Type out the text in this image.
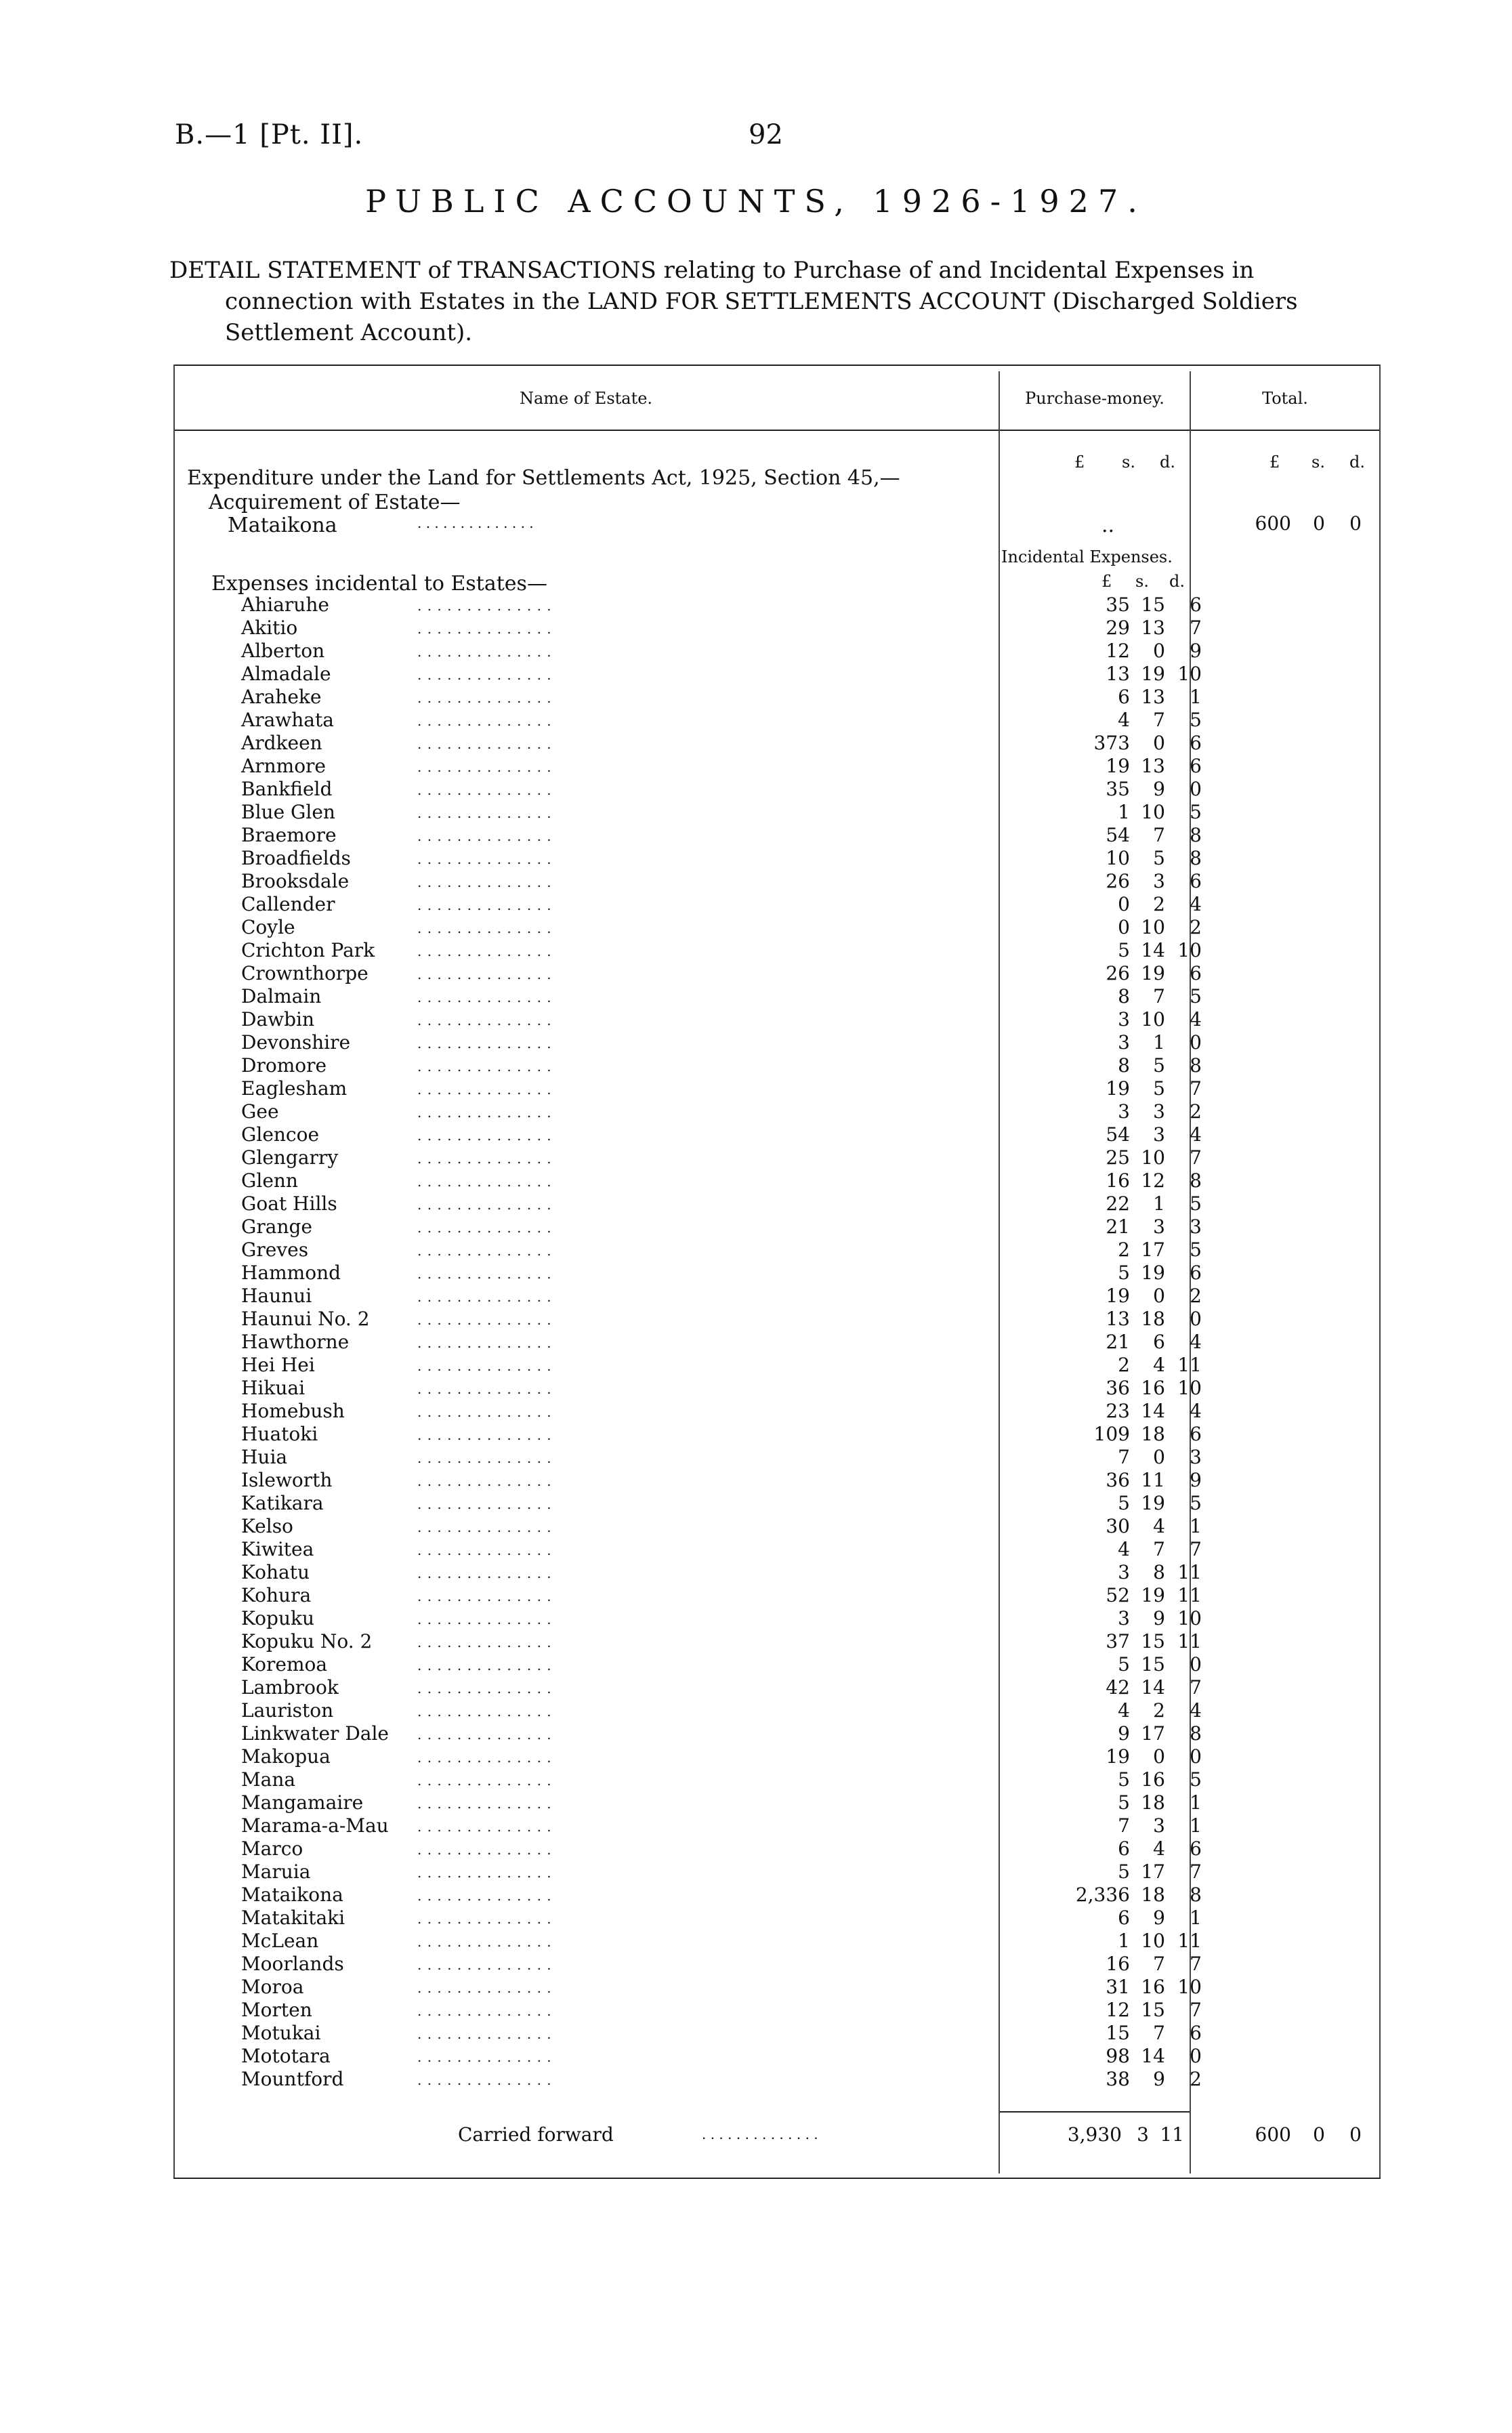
B.—1 [Pt. II].	92
PUBLIC ACCOUNTS, 1926-1927.
DETAIL STATEMENT of TRANSACTIONS relating to Purchase of and Incidental Expenses in
connection with Estates in the LAND FOR SETTLEMENTS ACCOUNT (Discharged Soldiers
Settlement Account).
Name of Estate.	Purchase-money.	Total.
£ s. d.	£ s. d.
Expenditure under the Land for Settlements Act, 1925, Section 45,—
Acquirement of Estate—
Mataikona	. . . . . . . . . . . . . .	..	600	0	0
Incidental Expenses.
Expenses incidental to Estates—	£ s. d.
Ahiaruhe	. . . . . . . . . . . . . .	35 15	6
Akitio	. . . . . . . . . . . . . .	29 13	7
Alberton	. . . . . . . . . . . . . .	12	0	9
Almadale	. . . . . . . . . . . . . .	13 19 10
Araheke	. . . . . . . . . . . . . .	6 13	1
Arawhata	. . . . . . . . . . . . . .	4	7	5
Ardkeen	. . . . . . . . . . . . . .	373	0	6
Arnmore	. . . . . . . . . . . . . .	19 13	6
Bankfield	. . . . . . . . . . . . . .	35	9	0
Blue Glen	. . . . . . . . . . . . . .	1 10	5
Braemore	. . . . . . . . . . . . . .	54	7	8
Broadfields	. . . . . . . . . . . . . .	10	5	8
Brooksdale	. . . . . . . . . . . . . .	26	3	6
Callender	. . . . . . . . . . . . . .	0	2	4
Coyle	. . . . . . . . . . . . . .	0 10	2
Crichton Park	. . . . . . . . . . . . . .	5 14 10
Crownthorpe	. . . . . . . . . . . . . .	26 19	6
Dalmain	. . . . . . . . . . . . . .	8	7	5
Dawbin	. . . . . . . . . . . . . .	3 10	4
Devonshire	. . . . . . . . . . . . . .	3	1	0
Dromore	. . . . . . . . . . . . . .	8	5	8
Eaglesham	. . . . . . . . . . . . . .	19	5	7
Gee	. . . . . . . . . . . . . .	3	3	2
Glencoe	. . . . . . . . . . . . . .	54	3	4
Glengarry	. . . . . . . . . . . . . .	25 10	7
Glenn	. . . . . . . . . . . . . .	16 12	8
Goat Hills	. . . . . . . . . . . . . .	22	1	5
Grange	. . . . . . . . . . . . . .	21	3	3
Greves	. . . . . . . . . . . . . .	2 17	5
Hammond	. . . . . . . . . . . . . .	5 19	6
Haunui	. . . . . . . . . . . . . .	19	0	2
Haunui No. 2	. . . . . . . . . . . . . .	13 18	0
Hawthorne	. . . . . . . . . . . . . .	21	6	4
Hei Hei	. . . . . . . . . . . . . .	2	4 11
Hikuai	. . . . . . . . . . . . . .	36 16 10
Homebush	. . . . . . . . . . . . . .	23 14	4
Huatoki	. . . . . . . . . . . . . .	109 18	6
Huia	. . . . . . . . . . . . . .	7	0	3
Isleworth	. . . . . . . . . . . . . .	36 11	9
Katikara	. . . . . . . . . . . . . .	5 19	5
Kelso	. . . . . . . . . . . . . .	30	4	1
Kiwitea	. . . . . . . . . . . . . .	4	7	7
Kohatu	. . . . . . . . . . . . . .	3	8 11
Kohura	. . . . . . . . . . . . . .	52 19 11
Kopuku	. . . . . . . . . . . . . .	3	9 10
Kopuku No. 2	. . . . . . . . . . . . . .	37 15 11
Koremoa	. . . . . . . . . . . . . .	5 15	0
Lambrook	. . . . . . . . . . . . . .	42 14	7
Lauriston	. . . . . . . . . . . . . .	4	2	4
Linkwater Dale . . . . . . . . . . . . . .	9 17	8
Makopua	. . . . . . . . . . . . . .	19	0	0
Mana	. . . . . . . . . . . . . .	5 16	5
Mangamaire	. . . . . . . . . . . . . .	5 18	1
Marama-a-Mau . . . . . . . . . . . . . .	7	3	1
Marco	. . . . . . . . . . . . . .	6	4	6
Maruia	. . . . . . . . . . . . . .	5 17	7
Mataikona	. . . . . . . . . . . . . .	2,336 18	8
Matakitaki	. . . . . . . . . . . . . .	6	9	1
McLean	. . . . . . . . . . . . . .	1 10 11
Moorlands	. . . . . . . . . . . . . .	16	7	7
Moroa	. . . . . . . . . . . . . .	31 16 10
Morten	. . . . . . . . . . . . . .	12 15	7
Motukai	. . . . . . . . . . . . . .	15	7	6
Mototara	. . . . . . . . . . . . . .	98 14	0
Mountford	. . . . . . . . . . . . . .	38	9	2
Carried forward	. . . . . . . . . . . . . .	3,930 3 11	600	0	0
